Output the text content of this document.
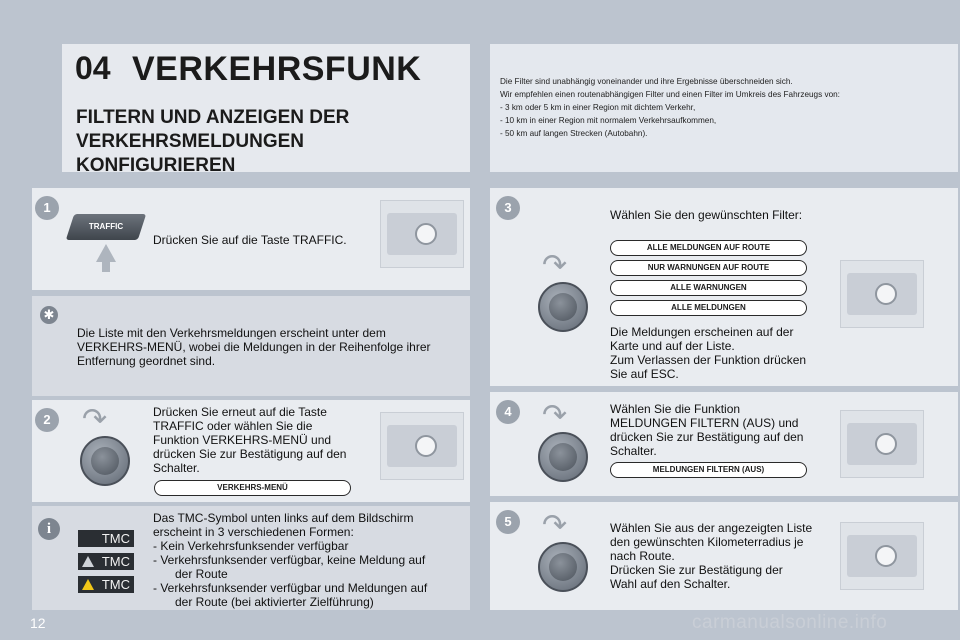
04 VERKEHRSFUNK
FILTERN UND ANZEIGEN DER
VERKEHRSMELDUNGEN
KONFIGURIEREN
Die Filter sind unabhängig voneinander und ihre Ergebnisse überschneiden sich.
Wir empfehlen einen routenabhängigen Filter und einen Filter im Umkreis des Fahrzeugs von:
- 3 km oder 5 km in einer Region mit dichtem Verkehr,
- 10 km in einer Region mit normalem Verkehrsaufkommen,
- 50 km auf langen Strecken (Autobahn).
1
TRAFFIC
Drücken Sie auf die Taste TRAFFIC.
✱
Die Liste mit den Verkehrsmeldungen erscheint unter dem
VERKEHRS-MENÜ, wobei die Meldungen in der Reihenfolge ihrer
Entfernung geordnet sind.
2 ↷	Drücken Sie erneut auf die Taste
TRAFFIC oder wählen Sie die
Funktion VERKEHRS-MENÜ und
drücken Sie zur Bestätigung auf den
Schalter.
VERKEHRS-MENÜ
i
TMC
TMC
TMC
Das TMC-Symbol unten links auf dem Bildschirm
erscheint in 3 verschiedenen Formen:
- Kein Verkehrsfunksender verfügbar
- Verkehrsfunksender verfügbar, keine Meldung auf
der Route
- Verkehrsfunksender verfügbar und Meldungen auf
der Route (bei aktivierter Zielführung)
3
↷
Wählen Sie den gewünschten Filter:
ALLE MELDUNGEN AUF ROUTE
NUR WARNUNGEN AUF ROUTE
ALLE WARNUNGEN
ALLE MELDUNGEN
Die Meldungen erscheinen auf der
Karte und auf der Liste.
Zum Verlassen der Funktion drücken
Sie auf ESC.
4 ↷	Wählen Sie die Funktion
MELDUNGEN FILTERN (AUS) und
drücken Sie zur Bestätigung auf den
Schalter.
MELDUNGEN FILTERN (AUS)
5 ↷	Wählen Sie aus der angezeigten Liste
den gewünschten Kilometerradius je
nach Route.
Drücken Sie zur Bestätigung der
Wahl auf den Schalter.
12	carmanualsonline.info
